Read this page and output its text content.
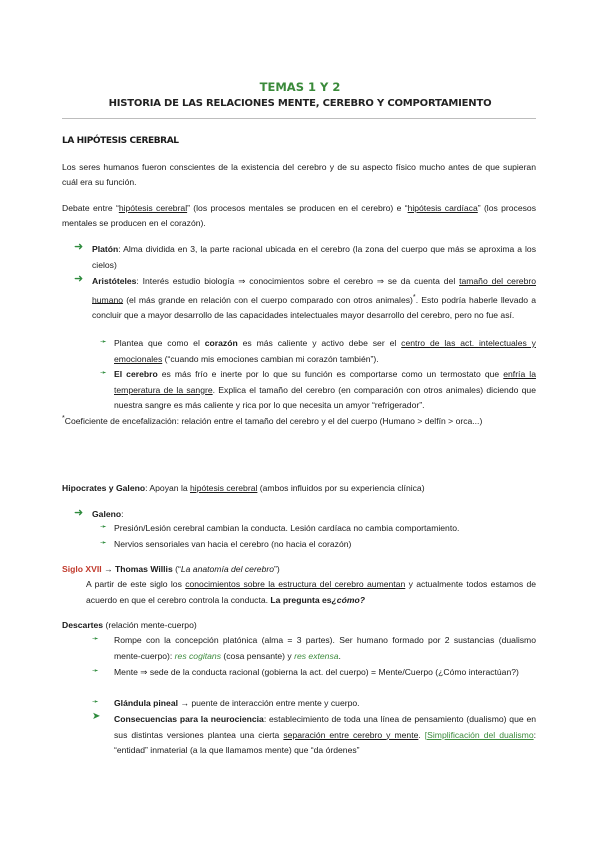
TEMAS 1 Y 2
HISTORIA DE LAS RELACIONES MENTE, CEREBRO Y COMPORTAMIENTO
LA HIPÓTESIS CEREBRAL
Los seres humanos fueron conscientes de la existencia del cerebro y de su aspecto físico mucho antes de que supieran cuál era su función.
Debate entre “hipótesis cerebral” (los procesos mentales se producen en el cerebro) e “hipótesis cardíaca” (los procesos mentales se producen en el corazón).
➜ Platón: Alma dividida en 3, la parte racional ubicada en el cerebro (la zona del cuerpo que más se aproxima a los cielos)
➜ Aristóteles: Interés estudio biología ⇒ conocimientos sobre el cerebro ⇒ se da cuenta del tamaño del cerebro humano (el más grande en relación con el cuerpo comparado con otros animales)*. Esto podría haberle llevado a concluir que a mayor desarrollo de las capacidades intelectuales mayor desarrollo del cerebro, pero no fue así.
➛ Plantea que como el corazón es más caliente y activo debe ser el centro de las act. intelectuales y emocionales (“cuando mis emociones cambian mi corazón también”).
➛ El cerebro es más frío e inerte por lo que su función es comportarse como un termostato que enfría la temperatura de la sangre. Explica el tamaño del cerebro (en comparación con otros animales) diciendo que nuestra sangre es más caliente y rica por lo que necesita un amyor “refrigerador”.
*Coeficiente de encefalización: relación entre el tamaño del cerebro y el del cuerpo (Humano > delfín > orca...)
Hipocrates y Galeno: Apoyan la hipótesis cerebral (ambos influidos por su experiencia clínica)
➜ Galeno:
➛ Presión/Lesión cerebral cambian la conducta. Lesión cardíaca no cambia comportamiento.
➛ Nervios sensoriales van hacia el cerebro (no hacia el corazón)
Siglo XVII → Thomas Willis (“La anatomía del cerebro”)
A partir de este siglo los conocimientos sobre la estructura del cerebro aumentan y actualmente todos estamos de acuerdo en que el cerebro controla la conducta. La pregunta es¿cómo?
Descartes (relación mente-cuerpo)
➛ Rompe con la concepción platónica (alma = 3 partes). Ser humano formado por 2 sustancias (dualismo mente-cuerpo): res cogitans (cosa pensante) y res extensa.
➛ Mente ⇒ sede de la conducta racional (gobierna la act. del cuerpo) = Mente/Cuerpo (¿Cómo interactúan?)
➛ Glándula pineal → puente de interacción entre mente y cuerpo.
➤ Consecuencias para la neurociencia: establecimiento de toda una línea de pensamiento (dualismo) que en sus distintas versiones plantea una cierta separación entre cerebro y mente. [Simplificación del dualismo: “entidad” inmaterial (a la que llamamos mente) que “da órdenes”
